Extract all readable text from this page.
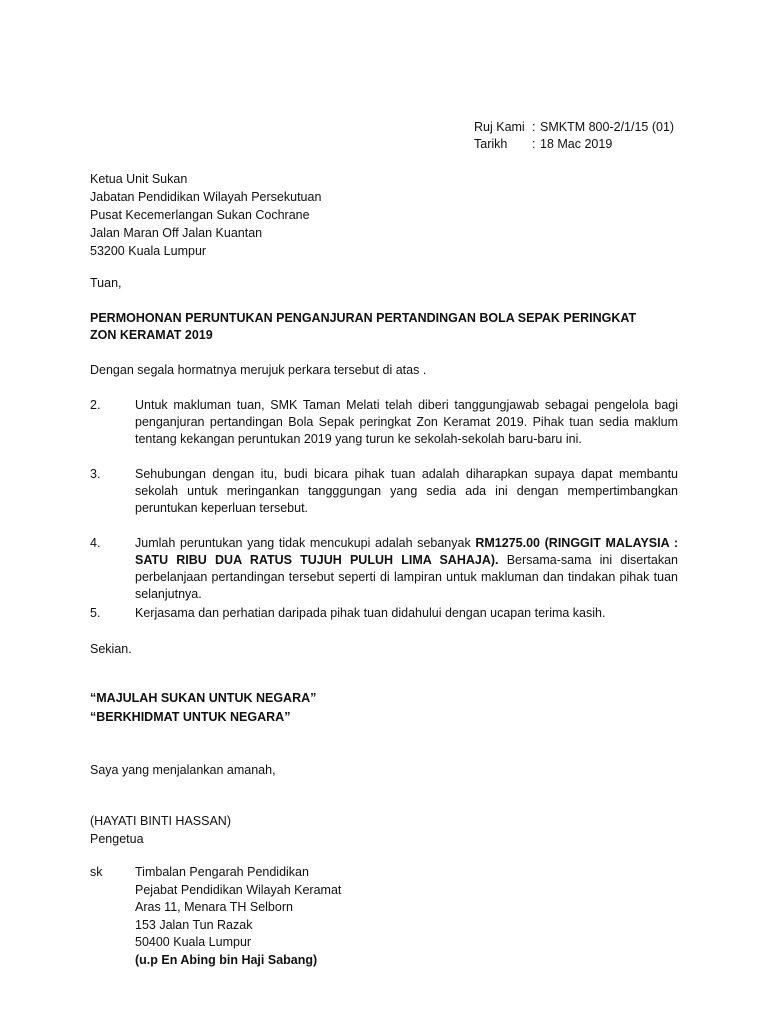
Ruj Kami : SMKTM 800-2/1/15 (01)
Tarikh	: 18 Mac 2019
Ketua Unit Sukan
Jabatan Pendidikan Wilayah Persekutuan
Pusat Kecemerlangan Sukan Cochrane
Jalan Maran Off Jalan Kuantan
53200 Kuala Lumpur
Tuan,
PERMOHONAN PERUNTUKAN PENGANJURAN PERTANDINGAN BOLA SEPAK PERINGKAT ZON KERAMAT 2019
Dengan segala hormatnya merujuk perkara tersebut di atas .
2.	Untuk makluman tuan, SMK Taman Melati telah diberi tanggungjawab sebagai pengelola bagi penganjuran pertandingan Bola Sepak peringkat Zon Keramat 2019. Pihak tuan sedia maklum tentang kekangan peruntukan 2019 yang turun ke sekolah-sekolah baru-baru ini.
3.	Sehubungan dengan itu, budi bicara pihak tuan adalah diharapkan supaya dapat membantu sekolah untuk meringankan tangggungan yang sedia ada ini dengan mempertimbangkan peruntukan keperluan tersebut.
4.	Jumlah peruntukan yang tidak mencukupi adalah sebanyak RM1275.00 (RINGGIT MALAYSIA : SATU RIBU DUA RATUS TUJUH PULUH LIMA SAHAJA). Bersama-sama ini disertakan perbelanjaan pertandingan tersebut seperti di lampiran untuk makluman dan tindakan pihak tuan selanjutnya.
5.	Kerjasama dan perhatian daripada pihak tuan didahului dengan ucapan terima kasih.
Sekian.
“MAJULAH SUKAN UNTUK NEGARA”
“BERKHIDMAT UNTUK NEGARA”
Saya yang menjalankan amanah,
(HAYATI BINTI HASSAN)
Pengetua
sk	Timbalan Pengarah Pendidikan
Pejabat Pendidikan Wilayah Keramat
Aras 11, Menara TH Selborn
153 Jalan Tun Razak
50400 Kuala Lumpur
(u.p En Abing bin Haji Sabang)
